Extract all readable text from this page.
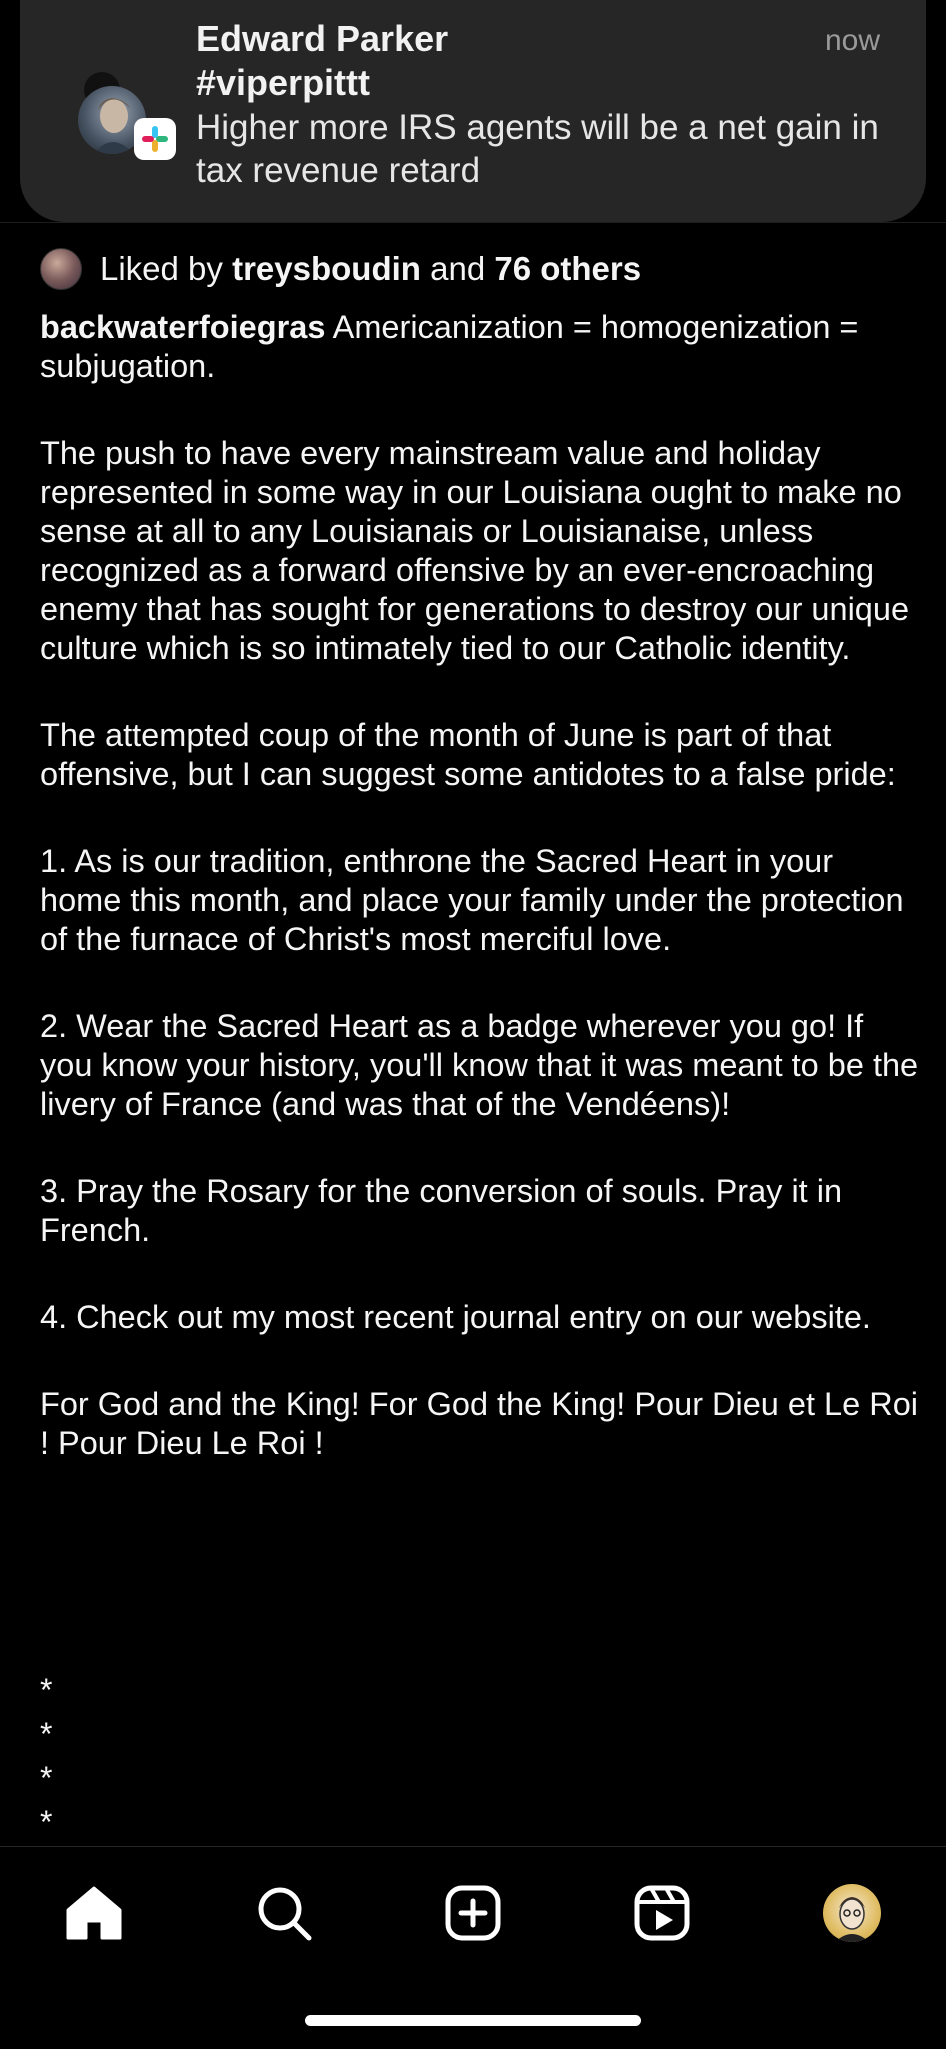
Edward Parker
#viperpittt
Higher more IRS agents will be a net gain in tax revenue retard
now
Liked by treysboudin and 76 others

backwaterfoiegras Americanization = homogenization = subjugation.

The push to have every mainstream value and holiday represented in some way in our Louisiana ought to make no sense at all to any Louisianais or Louisianaise, unless recognized as a forward offensive by an ever-encroaching enemy that has sought for generations to destroy our unique culture which is so intimately tied to our Catholic identity.

The attempted coup of the month of June is part of that offensive, but I can suggest some antidotes to a false pride:

1. As is our tradition, enthrone the Sacred Heart in your home this month, and place your family under the protection of the furnace of Christ's most merciful love.

2. Wear the Sacred Heart as a badge wherever you go! If you know your history, you'll know that it was meant to be the livery of France (and was that of the Vendéens)!

3. Pray the Rosary for the conversion of souls. Pray it in French.

4. Check out my most recent journal entry on our website.

For God and the King! For God the King! Pour Dieu et Le Roi ! Pour Dieu Le Roi !

*
*
*
*
